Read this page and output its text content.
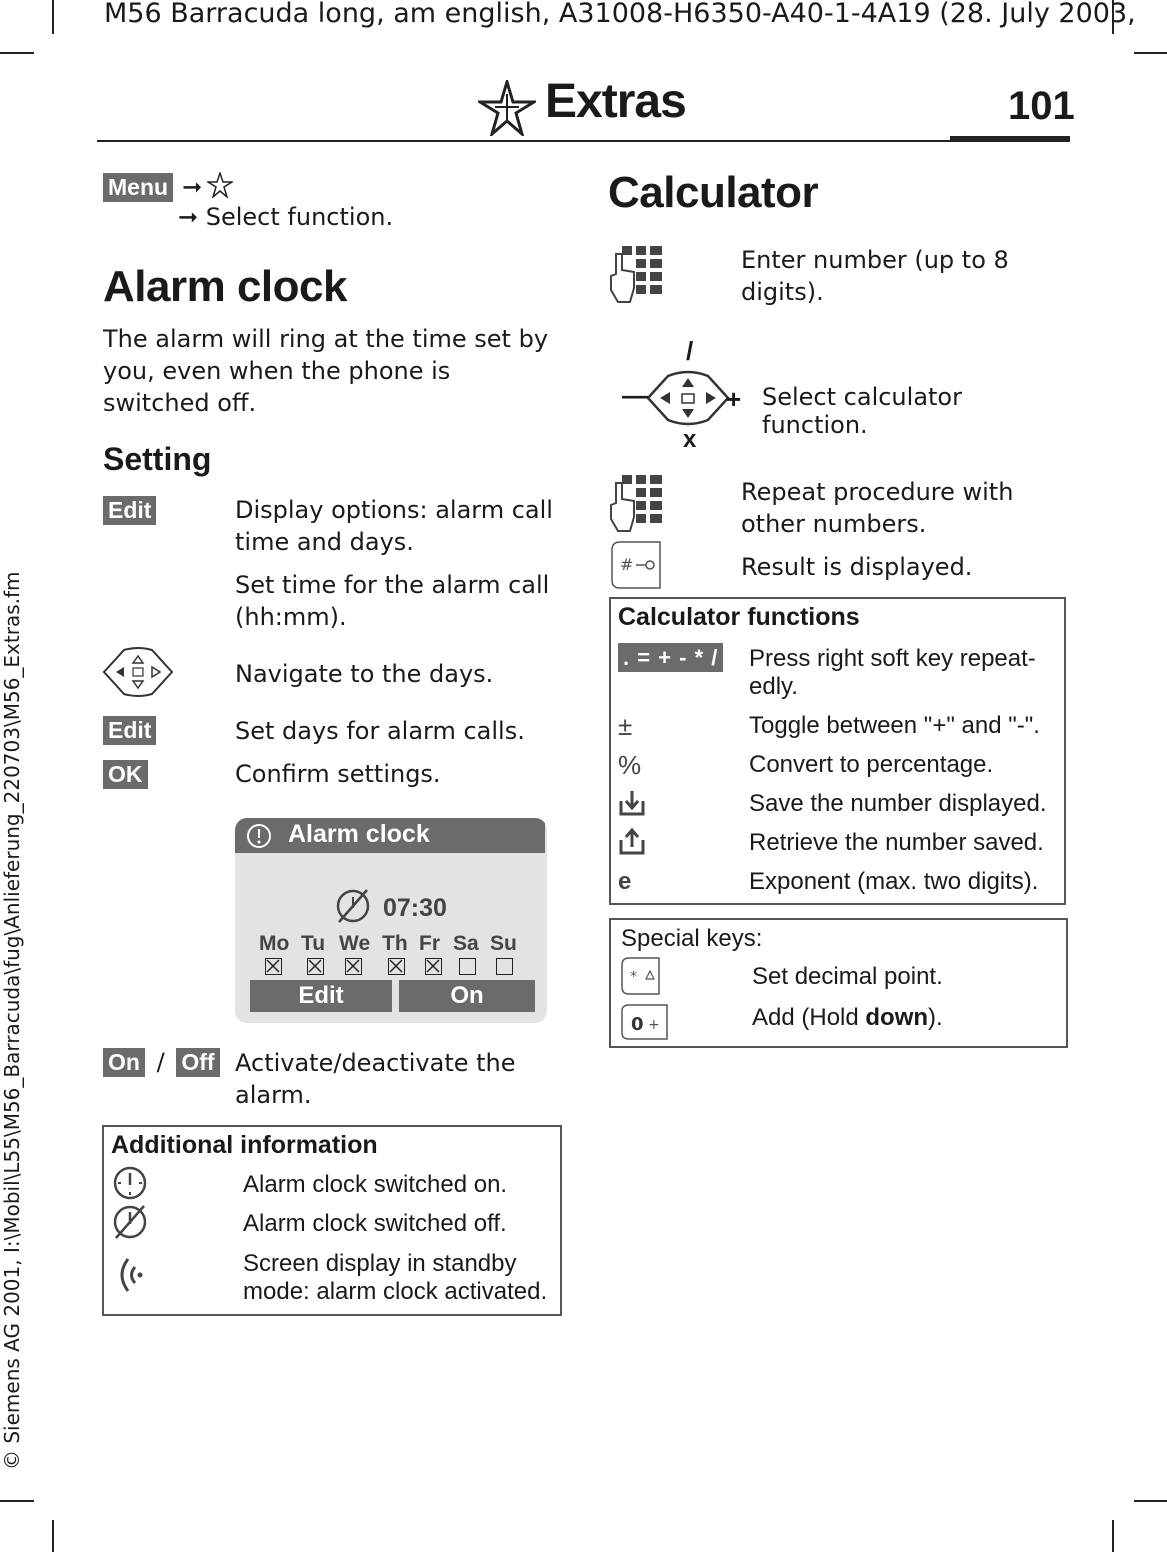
M56 Barracuda long, am english, A31008-H6350-A40-1-4A19 (28. July 2003,
© Siemens AG 2001, I:\Mobil\L55\M56_Barracuda\fug\Anlieferung_220703\M56_Extras.fm
Extras	101
Menu ➞
➞ Select function.
Alarm clock
The alarm will ring at the time set by you, even when the phone is switched off.
Setting
Edit	Display options: alarm call time and days.
Set time for the alarm call (hh:mm).
Navigate to the days.
Edit	Set days for alarm calls.
OK	Confirm settings.
Alarm clock
07:30
Mo Tu We Th Fr Sa Su
Edit	On
On / Off Activate/deactivate the alarm.
Additional information
Alarm clock switched on.
Alarm clock switched off.
Screen display in standby mode: alarm clock activated.
Calculator
Enter number (up to 8 digits).
/
—	+
x
Select calculator function.
Repeat procedure with other numbers.
#	Result is displayed.
Calculator functions
. = + - * / Press right soft key repeat-
edly.
±	Toggle between "+" and "-".
%	Convert to percentage.
Save the number displayed.
Retrieve the number saved.
e	Exponent (max. two digits).
Special keys:
*	Set decimal point.
0 +	Add (Hold down).
